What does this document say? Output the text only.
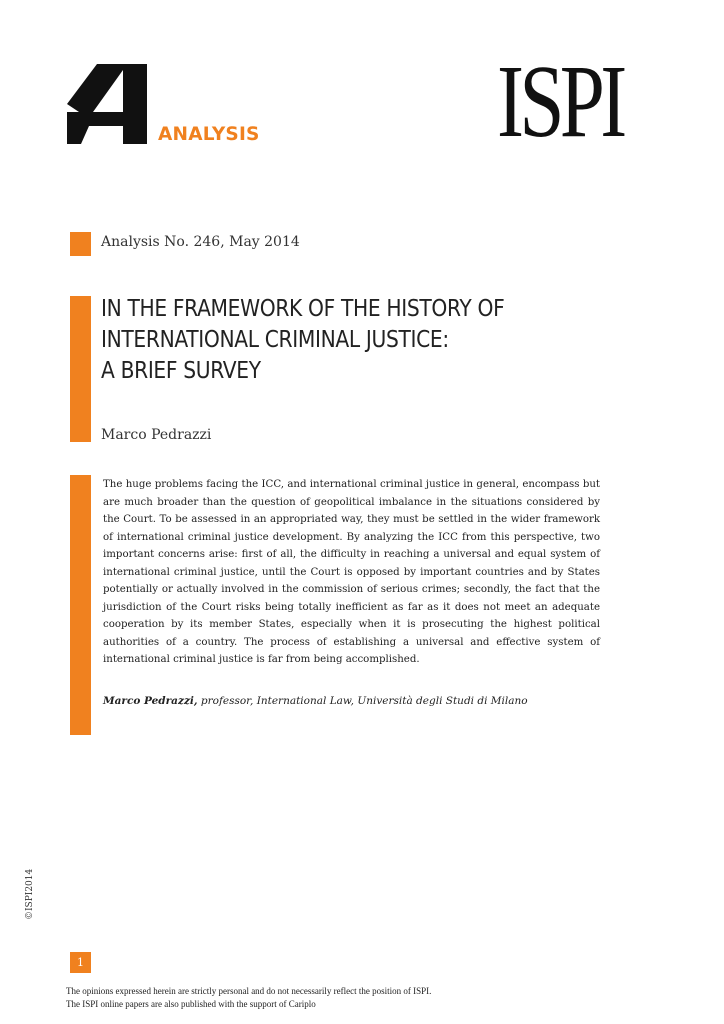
ANALYSIS ISPI
Analysis No. 246, May 2014
IN THE FRAMEWORK OF THE HISTORY OF
INTERNATIONAL CRIMINAL JUSTICE:
A BRIEF SURVEY
Marco Pedrazzi

The huge problems facing the ICC, and international criminal justice in general, encompass but are much broader than the question of geopolitical imbalance in the situations considered by the Court. To be assessed in an appropriated way, they must be settled in the wider framework of international criminal justice development. By analyzing the ICC from this perspective, two important concerns arise: first of all, the difficulty in reaching a universal and equal system of international criminal justice, until the Court is opposed by important countries and by States potentially or actually involved in the commission of serious crimes; secondly, the fact that the jurisdiction of the Court risks being totally inefficient as far as it does not meet an adequate cooperation by its member States, especially when it is prosecuting the highest political authorities of a country. The process of establishing a universal and effective system of international criminal justice is far from being accomplished.

Marco Pedrazzi, professor, International Law, Università degli Studi di Milano
©ISPI2014
1
The opinions expressed herein are strictly personal and do not necessarily reflect the position of ISPI.
The ISPI online papers are also published with the support of Cariplo
